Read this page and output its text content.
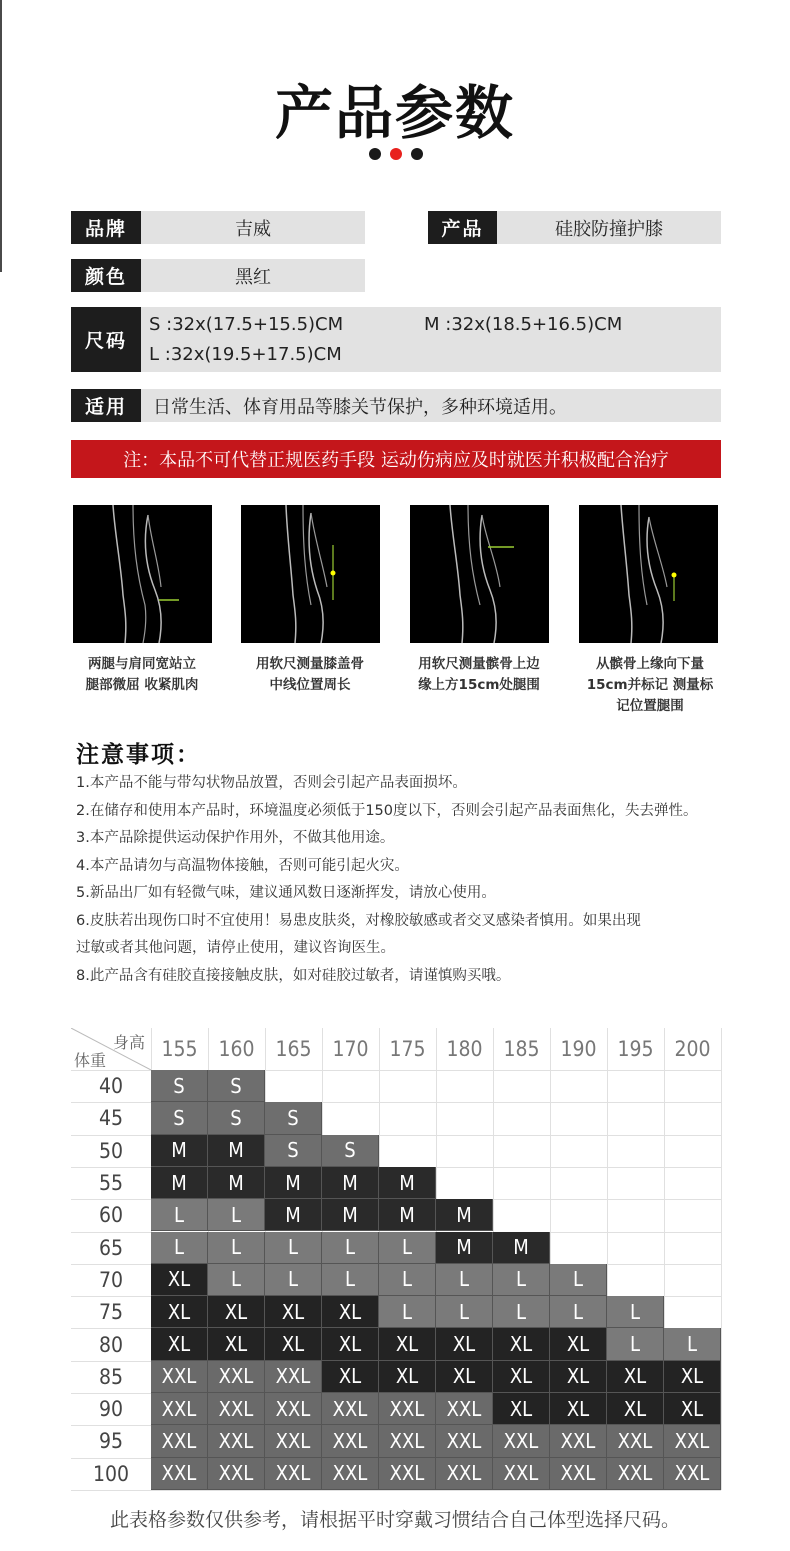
产品参数
品牌	吉威	产品	硅胶防撞护膝
颜色	黑红
尺码
S :32x(17.5+15.5)CM	M :32x(18.5+16.5)CM
L :32x(19.5+17.5)CM
适用	日常生活、体育用品等膝关节保护，多种环境适用。
注：本品不可代替正规医药手段 运动伤病应及时就医并积极配合治疗
两腿与肩同宽站立
腿部微屈 收紧肌肉
用软尺测量膝盖骨
中线位置周长
用软尺测量髌骨上边
缘上方15cm处腿围
从髌骨上缘向下量
15cm并标记 测量标
记位置腿围
注意事项：

1.本产品不能与带勾状物品放置，否则会引起产品表面损坏。

2.在储存和使用本产品时，环境温度必须低于150度以下，否则会引起产品表面焦化，失去弹性。

3.本产品除提供运动保护作用外，不做其他用途。

4.本产品请勿与高温物体接触，否则可能引起火灾。

5.新品出厂如有轻微气味，建议通风数日逐渐挥发，请放心使用。

6.皮肤若出现伤口时不宜使用！易患皮肤炎，对橡胶敏感或者交叉感染者慎用。如果出现

过敏或者其他问题，请停止使用，建议咨询医生。

8.此产品含有硅胶直接接触皮肤，如对硅胶过敏者，请谨慎购买哦。

身高
体重	155 160 165 170 175 180 185 190 195 200
40	S	S
45	S	S	S
50	M	M	S	S
55	M	M	M	M	M
60	L	L	M	M	M	M
65	L	L	L	L	L	M	M
70	XL	L	L	L	L	L	L	L
75	XL	XL	XL	XL	L	L	L	L	L
80	XL	XL	XL	XL	XL	XL	XL	XL	L	L
85	XXL	XXL	XXL	XL	XL	XL	XL	XL	XL	XL
90	XXL	XXL	XXL	XXL	XXL	XXL	XL	XL	XL	XL
95	XXL	XXL	XXL	XXL	XXL	XXL	XXL	XXL	XXL	XXL
100	XXL	XXL	XXL	XXL	XXL	XXL	XXL	XXL	XXL	XXL
此表格参数仅供参考，请根据平时穿戴习惯结合自己体型选择尺码。
